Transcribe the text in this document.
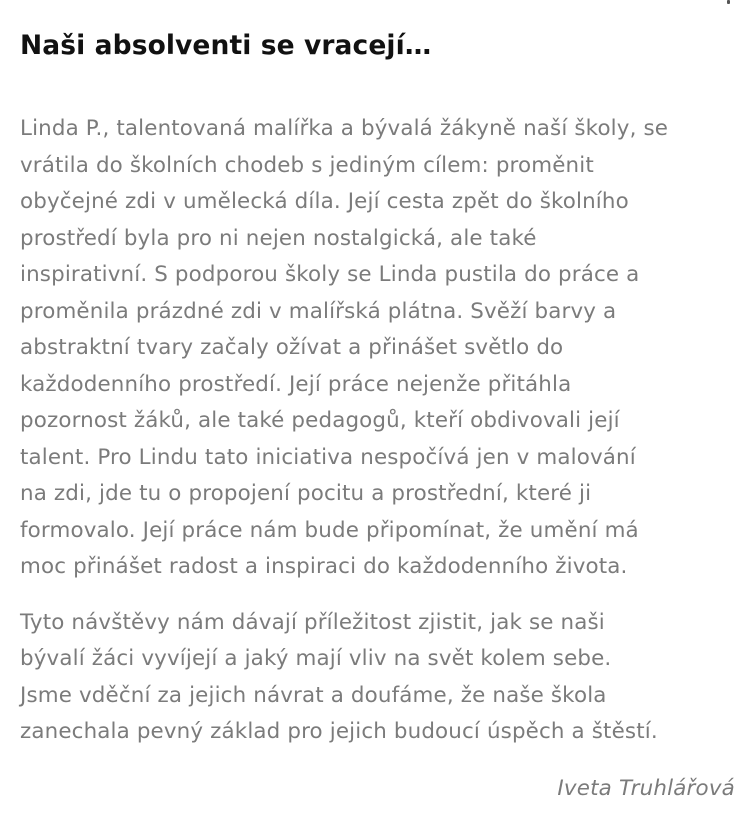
Naši absolventi se vracejí…

Linda P., talentovaná malířka a bývalá žákyně naší školy, se
vrátila do školních chodeb s jediným cílem: proměnit
obyčejné zdi v umělecká díla. Její cesta zpět do školního
prostředí byla pro ni nejen nostalgická, ale také
inspirativní. S podporou školy se Linda pustila do práce a
proměnila prázdné zdi v malířská plátna. Svěží barvy a
abstraktní tvary začaly ožívat a přinášet světlo do
každodenního prostředí. Její práce nejenže přitáhla
pozornost žáků, ale také pedagogů, kteří obdivovali její
talent. Pro Lindu tato iniciativa nespočívá jen v malování
na zdi, jde tu o propojení pocitu a prostřední, které ji
formovalo. Její práce nám bude připomínat, že umění má
moc přinášet radost a inspiraci do každodenního života.

Tyto návštěvy nám dávají příležitost zjistit, jak se naši
bývalí žáci vyvíjejí a jaký mají vliv na svět kolem sebe.
Jsme vděční za jejich návrat a doufáme, že naše škola
zanechala pevný základ pro jejich budoucí úspěch a štěstí.

Iveta Truhlářová
